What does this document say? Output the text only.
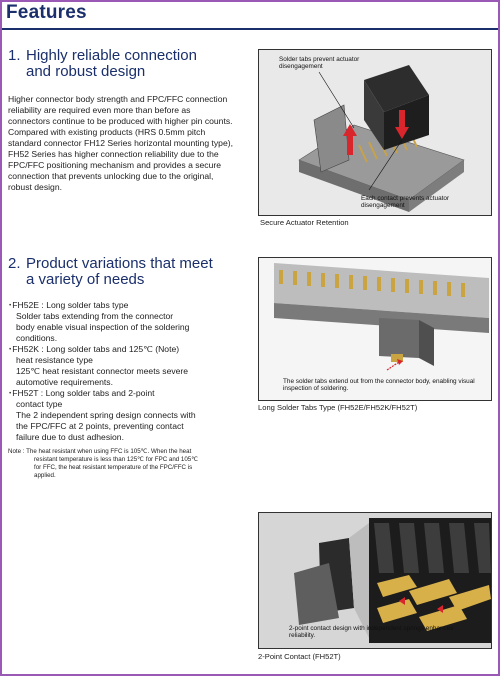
Features
1. Highly reliable connection
and robust design
Higher connector body strength and FPC/FFC connection reliability are required even more than before as connectors continue to be produced with higher pin counts. Compared with existing products (HRS 0.5mm pitch standard connector FH12 Series horizontal mounting type), FH52 Series has higher connection reliability due to the FPC/FFC positioning mechanism and provides a secure connection that prevents unlocking due to the original, robust design.
Solder tabs prevent actuator disengagement
Each contact prevents actuator disengagement
Secure Actuator Retention
2. Product variations that meet
a variety of needs
･FH52E : Long solder tabs type
Solder tabs extending from the connector
body enable visual inspection of the soldering
conditions.
･FH52K : Long solder tabs and 125℃ (Note)
heat resistance type
125℃ heat resistant connector meets severe
automotive requirements.
･FH52T : Long solder tabs and 2-point
contact type
The 2 independent spring design connects with
the FPC/FFC at 2 points, preventing contact
failure due to dust adhesion.
Note : The heat resistant when using FFC is 105℃. When the heat
resistant temperature is less than 125℃ for FPC and 105℃
for FFC, the heat resistant temperature of the FPC/FFC is
applied.
The solder tabs extend out from the connector body, enabling visual inspection of soldering.
Long Solder Tabs Type (FH52E/FH52K/FH52T)
2-point contact design with independent springs enhances reliability.
2-Point Contact (FH52T)
